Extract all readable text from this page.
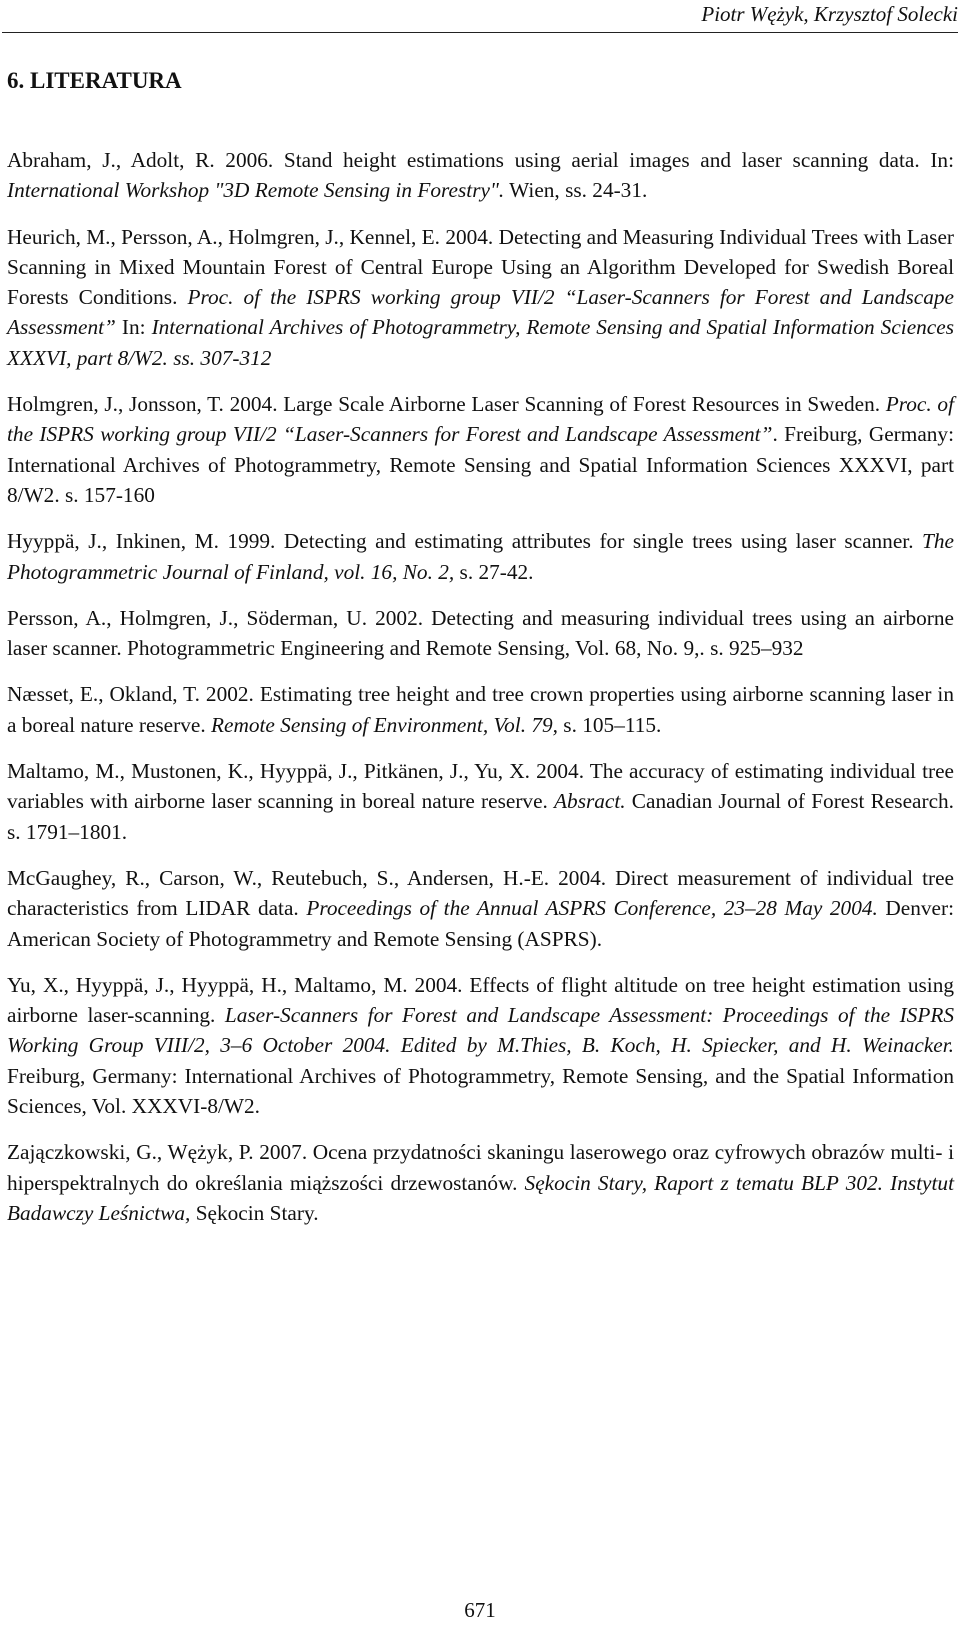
Piotr Wężyk, Krzysztof Solecki
6. LITERATURA

Abraham, J., Adolt, R. 2006. Stand height estimations using aerial images and laser scanning data. In: International Workshop "3D Remote Sensing in Forestry". Wien, ss. 24-31.

Heurich, M., Persson, A., Holmgren, J., Kennel, E. 2004. Detecting and Measuring Individual Trees with Laser Scanning in Mixed Mountain Forest of Central Europe Using an Algorithm Developed for Swedish Boreal Forests Conditions. Proc. of the ISPRS working group VII/2 “Laser-Scanners for Forest and Landscape Assessment” In: International Archives of Photogrammetry, Remote Sensing and Spatial Information Sciences XXXVI, part 8/W2. ss. 307-312

Holmgren, J., Jonsson, T. 2004. Large Scale Airborne Laser Scanning of Forest Resources in Sweden. Proc. of the ISPRS working group VII/2 “Laser-Scanners for Forest and Landscape Assessment”. Freiburg, Germany: International Archives of Photogrammetry, Remote Sensing and Spatial Information Sciences XXXVI, part 8/W2. s. 157-160

Hyyppä, J., Inkinen, M. 1999. Detecting and estimating attributes for single trees using laser scanner. The Photogrammetric Journal of Finland, vol. 16, No. 2, s. 27-42.

Persson, A., Holmgren, J., Söderman, U. 2002. Detecting and measuring individual trees using an airborne laser scanner. Photogrammetric Engineering and Remote Sensing, Vol. 68, No. 9,. s. 925–932

Næsset, E., Okland, T. 2002. Estimating tree height and tree crown properties using airborne scanning laser in a boreal nature reserve. Remote Sensing of Environment, Vol. 79, s. 105–115.

Maltamo, M., Mustonen, K., Hyyppä, J., Pitkänen, J., Yu, X. 2004. The accuracy of estimating individual tree variables with airborne laser scanning in boreal nature reserve. Absract. Canadian Journal of Forest Research. s. 1791–1801.

McGaughey, R., Carson, W., Reutebuch, S., Andersen, H.-E. 2004. Direct measurement of individual tree characteristics from LIDAR data. Proceedings of the Annual ASPRS Conference, 23–28 May 2004. Denver: American Society of Photogrammetry and Remote Sensing (ASPRS).

Yu, X., Hyyppä, J., Hyyppä, H., Maltamo, M. 2004. Effects of flight altitude on tree height estimation using airborne laser-scanning. Laser-Scanners for Forest and Landscape Assessment: Proceedings of the ISPRS Working Group VIII/2, 3–6 October 2004. Edited by M.Thies, B. Koch, H. Spiecker, and H. Weinacker. Freiburg, Germany: International Archives of Photogrammetry, Remote Sensing, and the Spatial Information Sciences, Vol. XXXVI-8/W2.

Zajączkowski, G., Wężyk, P. 2007. Ocena przydatności skaningu laserowego oraz cyfrowych obrazów multi- i hiperspektralnych do określania miąższości drzewostanów. Sękocin Stary, Raport z tematu BLP 302. Instytut Badawczy Leśnictwa, Sękocin Stary.

671
